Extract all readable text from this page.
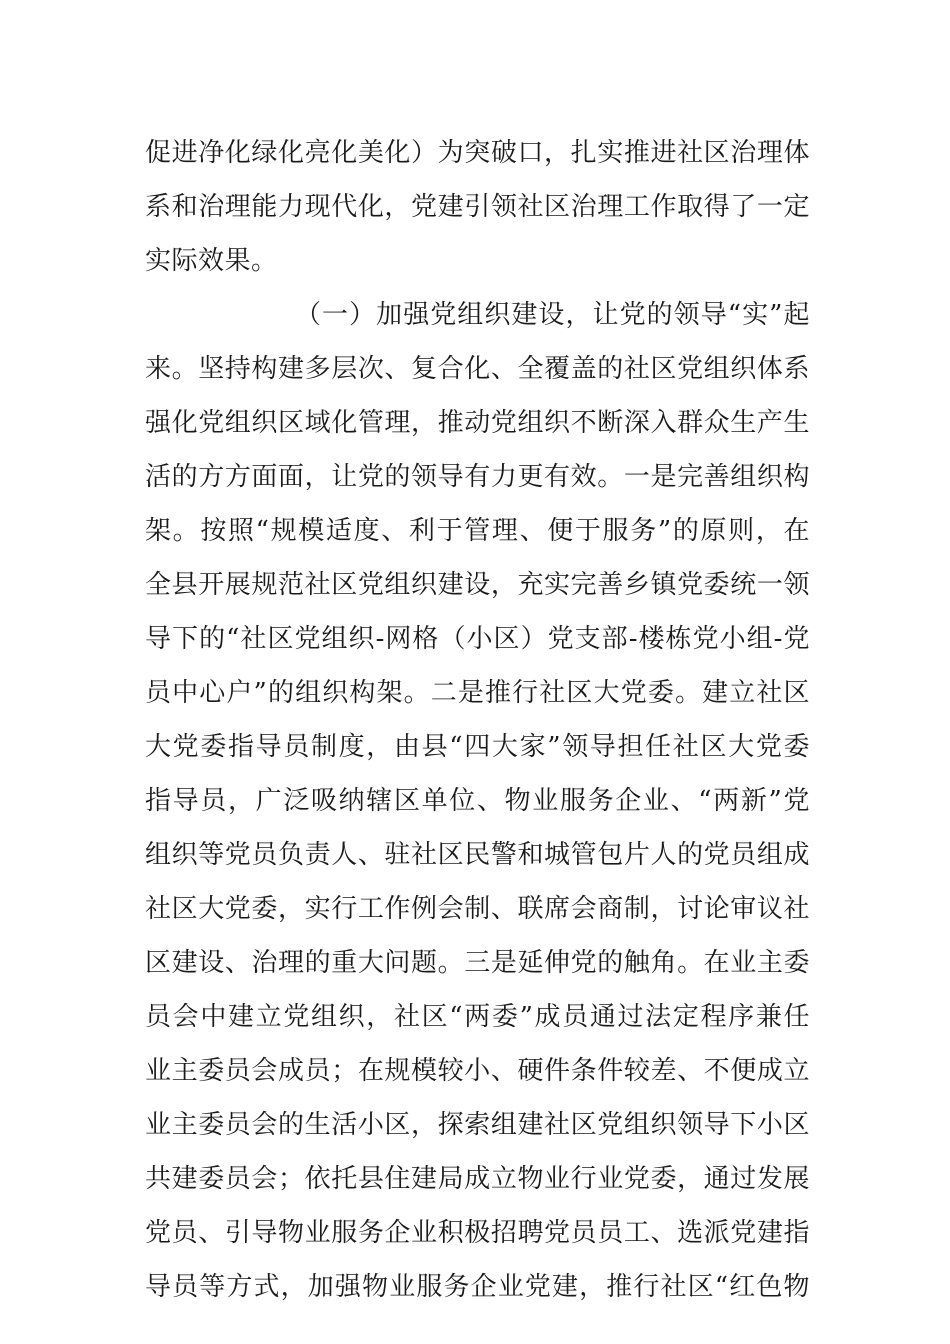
促进净化绿化亮化美化）为突破口，扎实推进社区治理体
系和治理能力现代化，党建引领社区治理工作取得了一定
实际效果。
（一）加强党组织建设，让党的领导“实”起
来。坚持构建多层次、复合化、全覆盖的社区党组织体系
强化党组织区域化管理，推动党组织不断深入群众生产生
活的方方面面，让党的领导有力更有效。一是完善组织构
架。按照“规模适度、利于管理、便于服务”的原则，在
全县开展规范社区党组织建设，充实完善乡镇党委统一领
导下的“社区党组织-网格（小区）党支部-楼栋党小组-党
员中心户”的组织构架。二是推行社区大党委。建立社区
大党委指导员制度，由县“四大家”领导担任社区大党委
指导员，广泛吸纳辖区单位、物业服务企业、“两新”党
组织等党员负责人、驻社区民警和城管包片人的党员组成
社区大党委，实行工作例会制、联席会商制，讨论审议社
区建设、治理的重大问题。三是延伸党的触角。在业主委
员会中建立党组织，社区“两委”成员通过法定程序兼任
业主委员会成员；在规模较小、硬件条件较差、不便成立
业主委员会的生活小区，探索组建社区党组织领导下小区
共建委员会；依托县住建局成立物业行业党委，通过发展
党员、引导物业服务企业积极招聘党员员工、选派党建指
导员等方式，加强物业服务企业党建，推行社区“红色物
